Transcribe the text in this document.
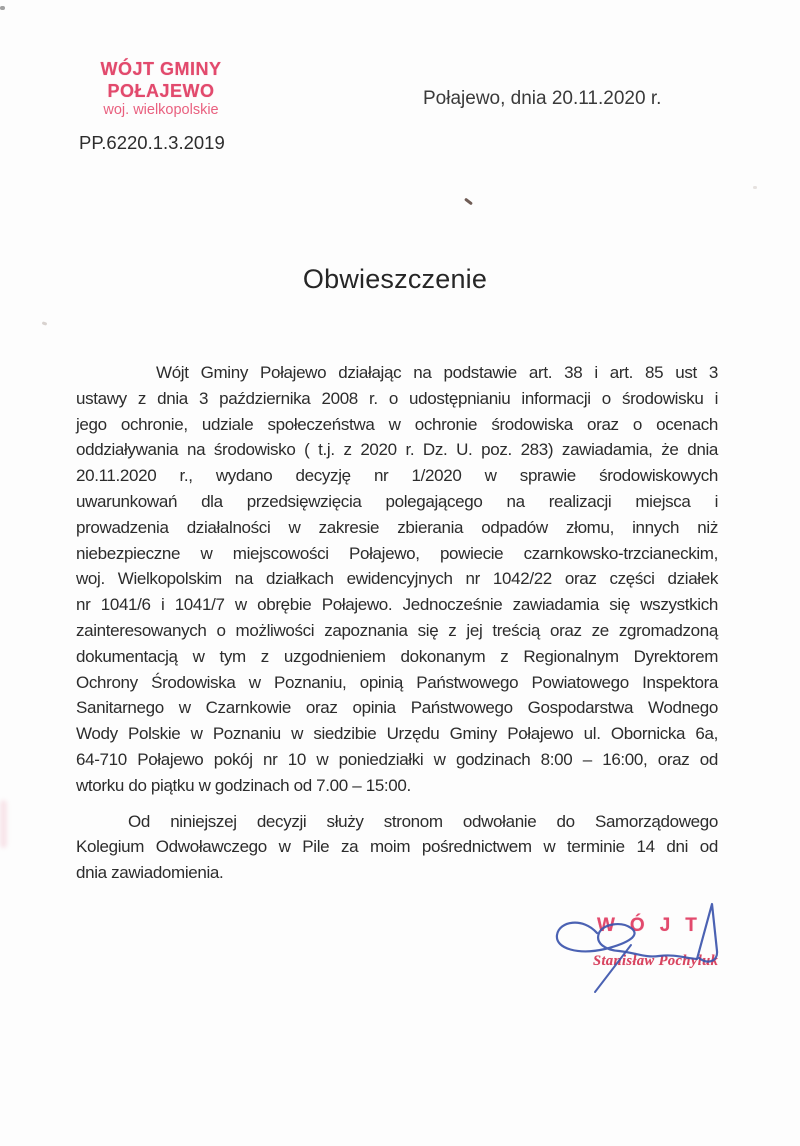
WÓJT GMINY
POŁAJEWO
woj. wielkopolskie
Połajewo, dnia 20.11.2020 r.
PP.6220.1.3.2019
Obwieszczenie
Wójt Gminy Połajewo działając na podstawie art. 38 i art. 85 ust 3
ustawy z dnia 3 października 2008 r. o udostępnianiu informacji o środowisku i
jego ochronie, udziale społeczeństwa w ochronie środowiska oraz o ocenach
oddziaływania na środowisko ( t.j. z 2020 r. Dz. U. poz. 283) zawiadamia, że dnia
20.11.2020 r., wydano decyzję nr 1/2020 w sprawie środowiskowych
uwarunkowań dla przedsięwzięcia polegającego na realizacji miejsca i
prowadzenia działalności w zakresie zbierania odpadów złomu, innych niż
niebezpieczne w miejscowości Połajewo, powiecie czarnkowsko-trzcianeckim,
woj. Wielkopolskim na działkach ewidencyjnych nr 1042/22 oraz części działek
nr 1041/6 i 1041/7 w obrębie Połajewo. Jednocześnie zawiadamia się wszystkich
zainteresowanych o możliwości zapoznania się z jej treścią oraz ze zgromadzoną
dokumentacją w tym z uzgodnieniem dokonanym z Regionalnym Dyrektorem
Ochrony Środowiska w Poznaniu, opinią Państwowego Powiatowego Inspektora
Sanitarnego w Czarnkowie oraz opinia Państwowego Gospodarstwa Wodnego
Wody Polskie w Poznaniu w siedzibie Urzędu Gminy Połajewo ul. Obornicka 6a,
64-710 Połajewo pokój nr 10 w poniedziałki w godzinach 8:00 – 16:00, oraz od
wtorku do piątku w godzinach od 7.00 – 15:00.
Od niniejszej decyzji służy stronom odwołanie do Samorządowego
Kolegium Odwoławczego w Pile za moim pośrednictwem w terminie 14 dni od
dnia zawiadomienia.
WÓJT
Stanisław Pochyluk
